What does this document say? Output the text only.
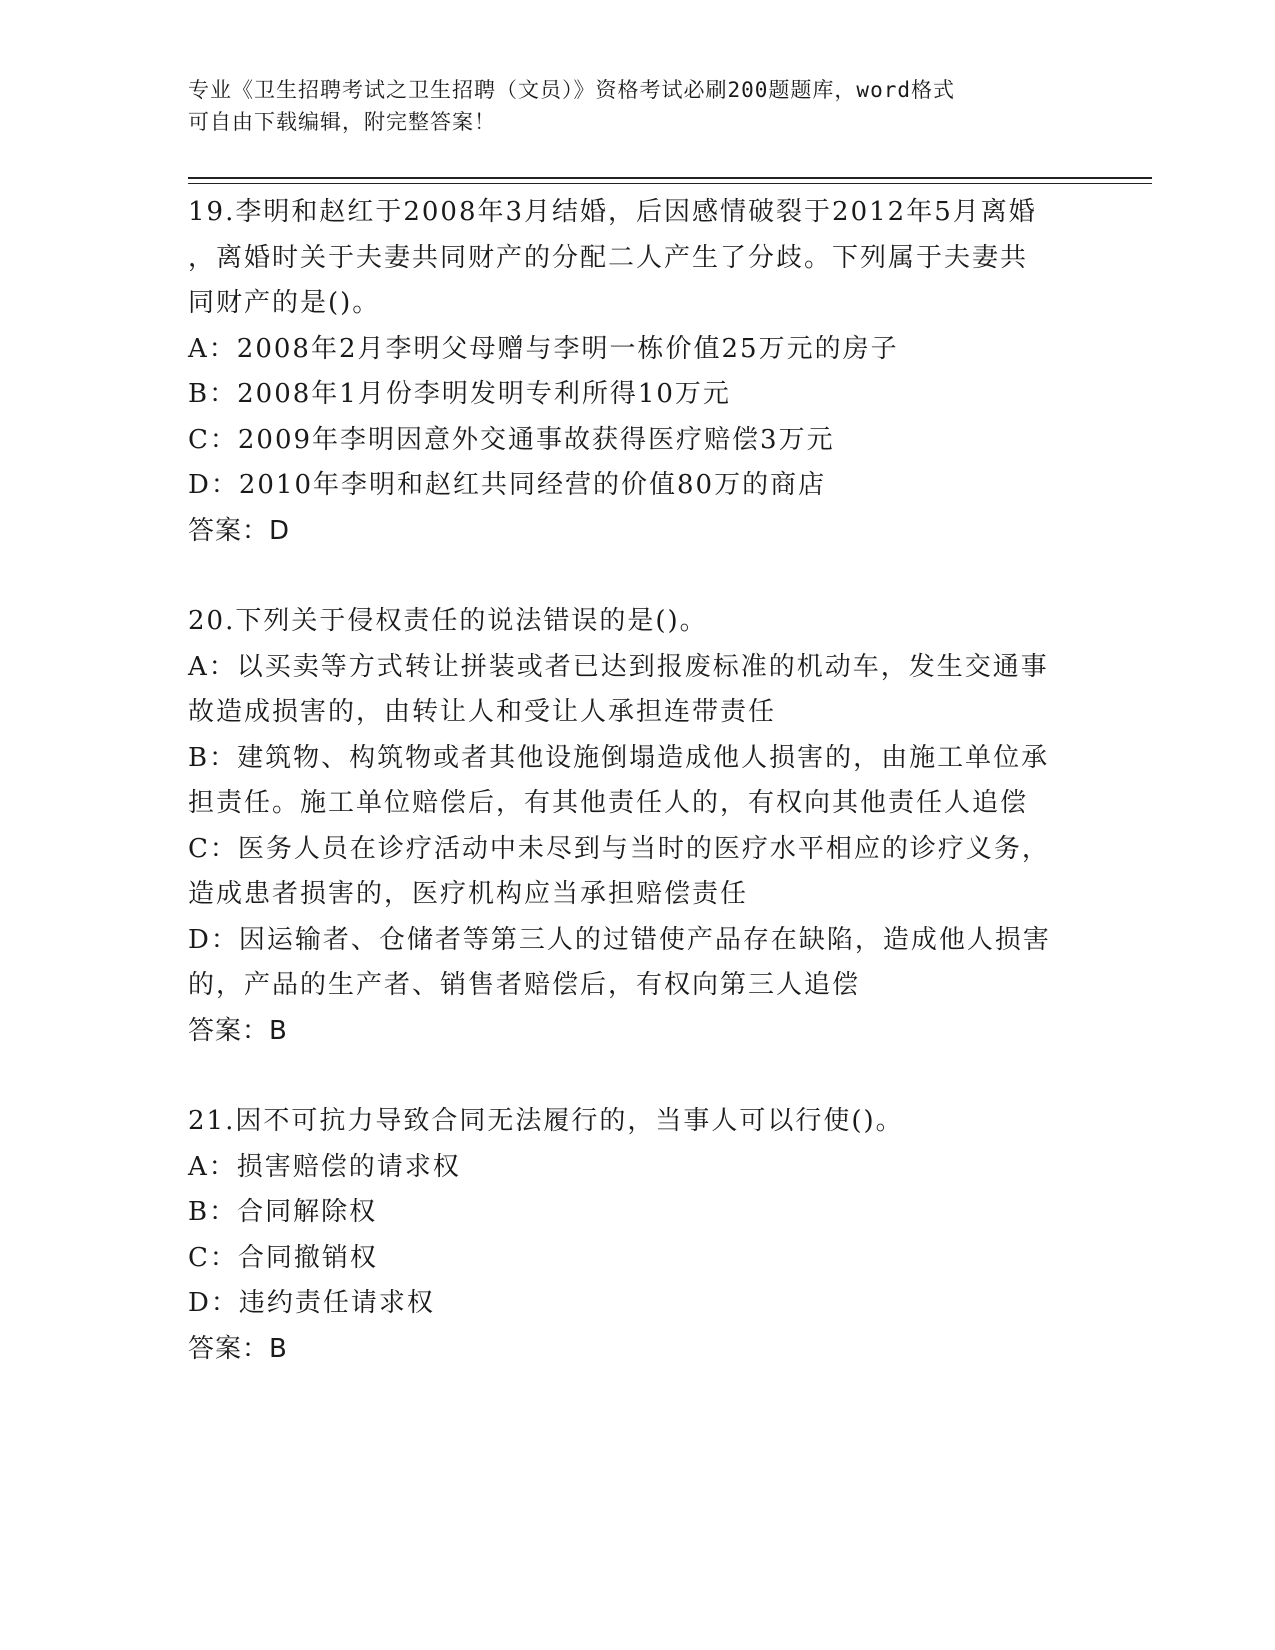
专业《卫生招聘考试之卫生招聘（文员）》资格考试必刷200题题库，word格式
可自由下载编辑，附完整答案！
19.李明和赵红于2008年3月结婚，后因感情破裂于2012年5月离婚
，离婚时关于夫妻共同财产的分配二人产生了分歧。下列属于夫妻共
同财产的是()。
A：2008年2月李明父母赠与李明一栋价值25万元的房子
B：2008年1月份李明发明专利所得10万元
C：2009年李明因意外交通事故获得医疗赔偿3万元
D：2010年李明和赵红共同经营的价值80万的商店
答案：D
20.下列关于侵权责任的说法错误的是()。
A：以买卖等方式转让拼装或者已达到报废标准的机动车，发生交通事
故造成损害的，由转让人和受让人承担连带责任
B：建筑物、构筑物或者其他设施倒塌造成他人损害的，由施工单位承
担责任。施工单位赔偿后，有其他责任人的，有权向其他责任人追偿
C：医务人员在诊疗活动中未尽到与当时的医疗水平相应的诊疗义务，
造成患者损害的，医疗机构应当承担赔偿责任
D：因运输者、仓储者等第三人的过错使产品存在缺陷，造成他人损害
的，产品的生产者、销售者赔偿后，有权向第三人追偿
答案：B
21.因不可抗力导致合同无法履行的，当事人可以行使()。
A：损害赔偿的请求权
B：合同解除权
C：合同撤销权
D：违约责任请求权
答案：B
